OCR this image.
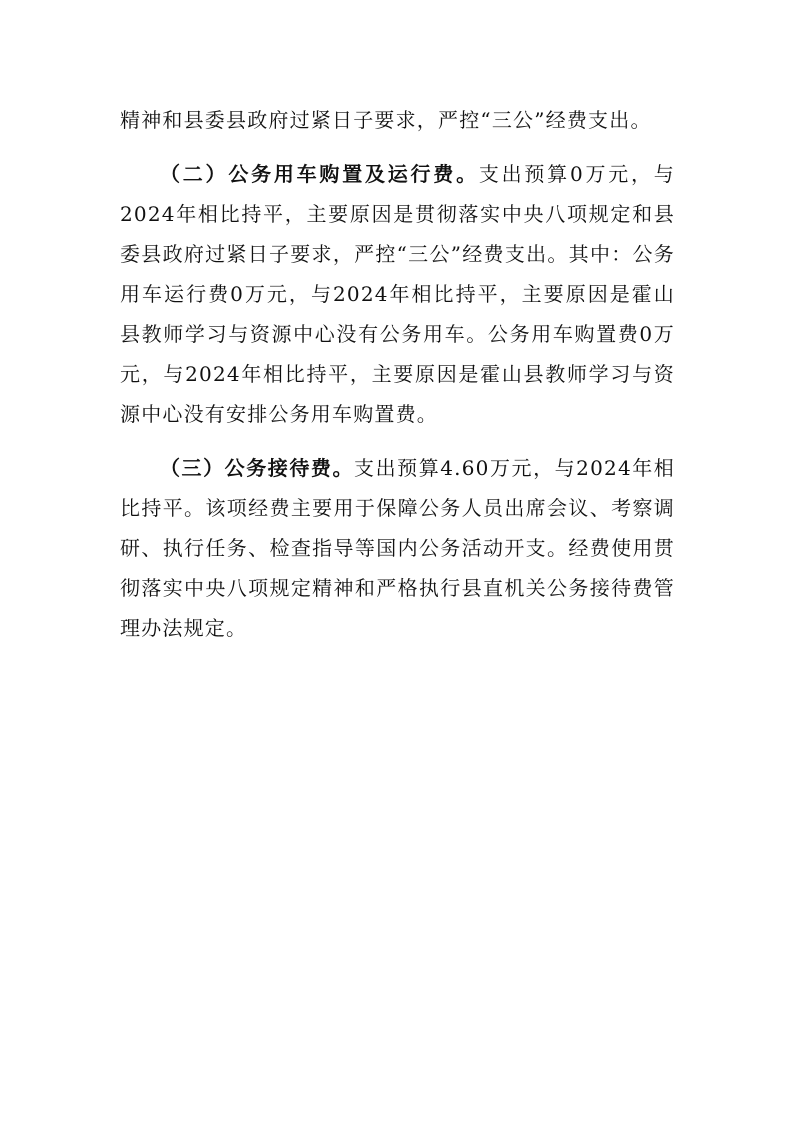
精神和县委县政府过紧日子要求，严控“三公”经费支出。

（二）公务用车购置及运行费。支出预算0万元，与2024年相比持平，主要原因是贯彻落实中央八项规定和县委县政府过紧日子要求，严控“三公”经费支出。其中：公务用车运行费0万元，与2024年相比持平，主要原因是霍山县教师学习与资源中心没有公务用车。公务用车购置费0万元，与2024年相比持平，主要原因是霍山县教师学习与资源中心没有安排公务用车购置费。

（三）公务接待费。支出预算4.60万元，与2024年相比持平。该项经费主要用于保障公务人员出席会议、考察调研、执行任务、检查指导等国内公务活动开支。经费使用贯彻落实中央八项规定精神和严格执行县直机关公务接待费管理办法规定。
